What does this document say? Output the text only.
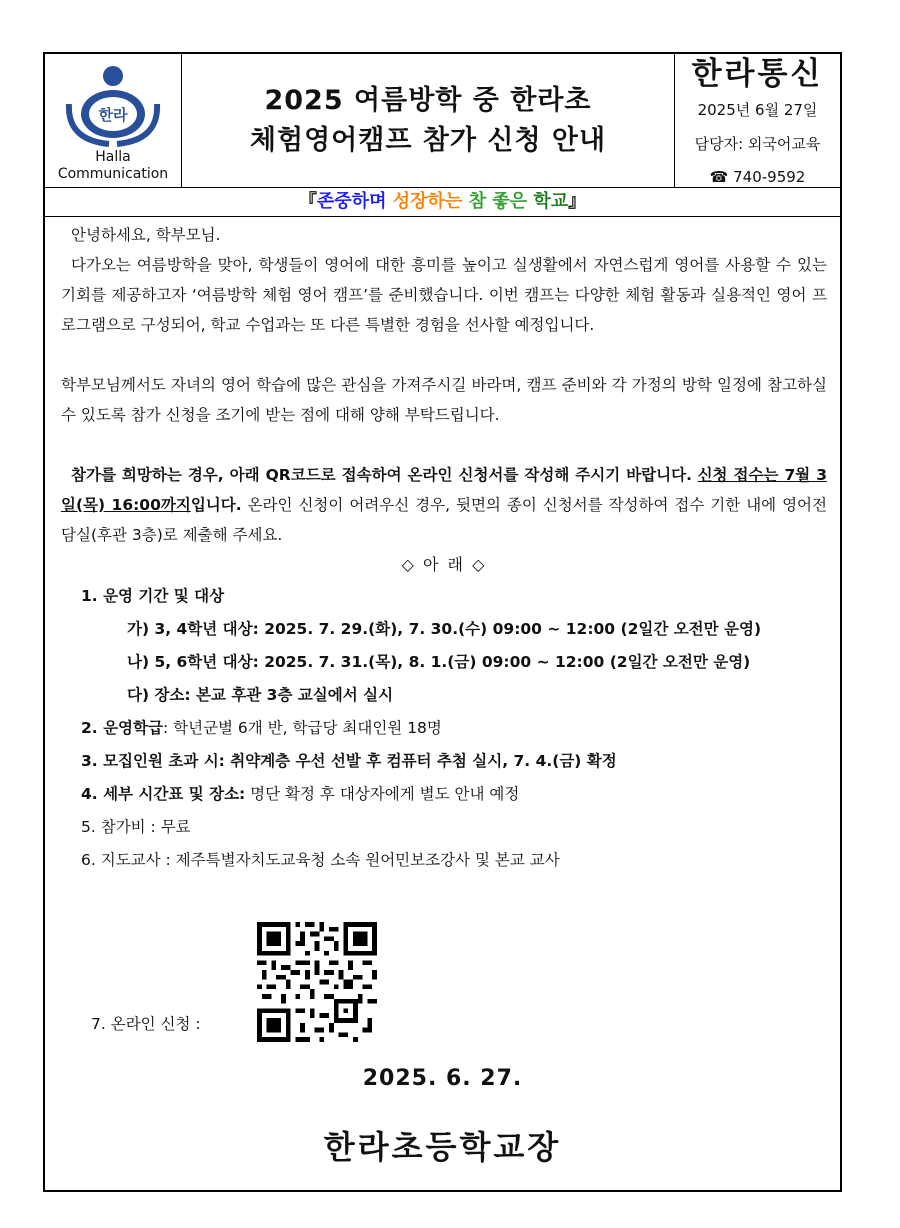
한라
Halla
Communication
2025 여름방학 중 한라초
체험영어캠프 참가 신청 안내
한라통신
2025년 6월 27일
담당자: 외국어교육
☎ 740-9592
『존중하며 성장하는 참 좋은 학교』

안녕하세요, 학부모님.

다가오는 여름방학을 맞아, 학생들이 영어에 대한 흥미를 높이고 실생활에서 자연스럽게 영어를 사용할 수 있는 기회를 제공하고자 ‘여름방학 체험 영어 캠프’를 준비했습니다. 이번 캠프는 다양한 체험 활동과 실용적인 영어 프로그램으로 구성되어, 학교 수업과는 또 다른 특별한 경험을 선사할 예정입니다.

학부모님께서도 자녀의 영어 학습에 많은 관심을 가져주시길 바라며, 캠프 준비와 각 가정의 방학 일정에 참고하실 수 있도록 참가 신청을 조기에 받는 점에 대해 양해 부탁드립니다.

참가를 희망하는 경우, 아래 QR코드로 접속하여 온라인 신청서를 작성해 주시기 바랍니다. 신청 접수는 7월 3일(목) 16:00까지입니다. 온라인 신청이 어려우신 경우, 뒷면의 종이 신청서를 작성하여 접수 기한 내에 영어전담실(후관 3층)로 제출해 주세요.

◇ 아 래 ◇
1. 운영 기간 및 대상
가) 3, 4학년 대상: 2025. 7. 29.(화), 7. 30.(수) 09:00 ~ 12:00 (2일간 오전만 운영)
나) 5, 6학년 대상: 2025. 7. 31.(목), 8. 1.(금) 09:00 ~ 12:00 (2일간 오전만 운영)
다) 장소: 본교 후관 3층 교실에서 실시
2. 운영학급: 학년군별 6개 반, 학급당 최대인원 18명
3. 모집인원 초과 시: 취약계층 우선 선발 후 컴퓨터 추첨 실시, 7. 4.(금) 확정
4. 세부 시간표 및 장소: 명단 확정 후 대상자에게 별도 안내 예정
5. 참가비 : 무료
6. 지도교사 : 제주특별자치도교육청 소속 원어민보조강사 및 본교 교사
7. 온라인 신청 :
2025. 6. 27.
한라초등학교장
